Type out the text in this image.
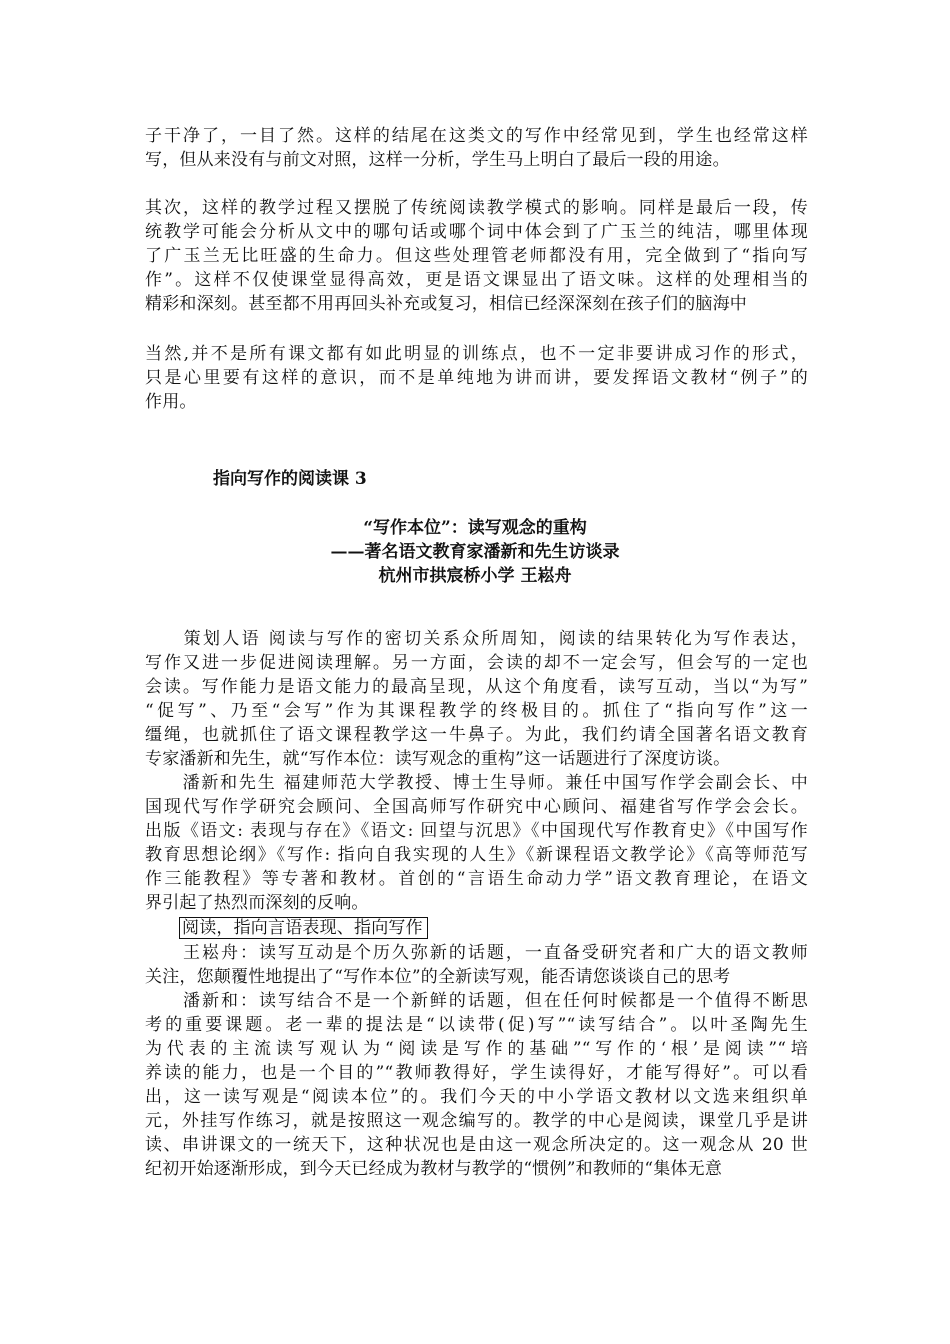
子干净了，一目了然。这样的结尾在这类文的写作中经常见到，学生也经常这样
写，但从来没有与前文对照，这样一分析，学生马上明白了最后一段的用途。
其次，这样的教学过程又摆脱了传统阅读教学模式的影响。同样是最后一段，传
统教学可能会分析从文中的哪句话或哪个词中体会到了广玉兰的纯洁，哪里体现
了广玉兰无比旺盛的生命力。但这些处理管老师都没有用，完全做到了“指向写
作”。这样不仅使课堂显得高效，更是语文课显出了语文味。这样的处理相当的
精彩和深刻。甚至都不用再回头补充或复习，相信已经深深刻在孩子们的脑海中
当然,并不是所有课文都有如此明显的训练点，也不一定非要讲成习作的形式，
只是心里要有这样的意识，而不是单纯地为讲而讲，要发挥语文教材“例子”的
作用。
指向写作的阅读课 3
“写作本位”：读写观念的重构
——著名语文教育家潘新和先生访谈录
杭州市拱宸桥小学 王崧舟
　　策划人语 阅读与写作的密切关系众所周知，阅读的结果转化为写作表达，
写作又进一步促进阅读理解。另一方面，会读的却不一定会写，但会写的一定也
会读。写作能力是语文能力的最高呈现，从这个角度看，读写互动，当以“为写”
“促写”、乃至“会写”作为其课程教学的终极目的。抓住了“指向写作”这一
缰绳，也就抓住了语文课程教学这一牛鼻子。为此，我们约请全国著名语文教育
专家潘新和先生，就“写作本位：读写观念的重构”这一话题进行了深度访谈。
　　潘新和先生 福建师范大学教授、博士生导师。兼任中国写作学会副会长、中
国现代写作学研究会顾问、全国高师写作研究中心顾问、福建省写作学会会长。
出版《语文: 表现与存在》《语文: 回望与沉思》《中国现代写作教育史》《中国写作
教育思想论纲》《写作: 指向自我实现的人生》《新课程语文教学论》《高等师范写
作三能教程》等专著和教材。首创的“言语生命动力学”语文教育理论，在语文
界引起了热烈而深刻的反响。
阅读，指向言语表现、指向写作
　　王崧舟：读写互动是个历久弥新的话题，一直备受研究者和广大的语文教师
关注，您颠覆性地提出了“写作本位”的全新读写观，能否请您谈谈自己的思考
　　潘新和：读写结合不是一个新鲜的话题，但在任何时候都是一个值得不断思
考的重要课题。老一辈的提法是“以读带(促)写”“读写结合”。以叶圣陶先生
为代表的主流读写观认为“阅读是写作的基础”“写作的‘根’是阅读”“培
养读的能力，也是一个目的”“教师教得好，学生读得好，才能写得好”。可以看
出，这一读写观是“阅读本位”的。我们今天的中小学语文教材以文选来组织单
元，外挂写作练习，就是按照这一观念编写的。教学的中心是阅读，课堂几乎是讲
读、串讲课文的一统天下，这种状况也是由这一观念所决定的。这一观念从 20 世
纪初开始逐渐形成，到今天已经成为教材与教学的“惯例”和教师的“集体无意
